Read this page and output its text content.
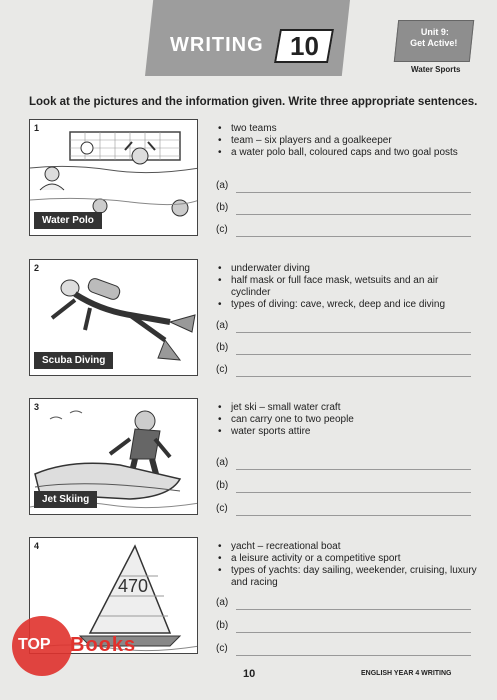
WRITING 10	Unit 9:
Get Active!
Water Sports
Look at the pictures and the information given. Write three appropriate sentences.
1
Water Polo
• two teams
• team – six players and a goalkeeper
• a water polo ball, coloured caps and two goal posts
(a)
(b)
(c)
2
Scuba Diving
• underwater diving
• half mask or full face mask, wetsuits and an air cyclinder
• types of diving: cave, wreck, deep and ice diving
(a)
(b)
(c)
3
Jet Skiing
• jet ski – small water craft
• can carry one to two people
• water sports attire
(a)
(b)
(c)
470
4
•	yacht – recreational boat
• a leisure activity or a competitive sport
• types of yachts: day sailing, weekender, cruising, luxury and racing
(a)
(b)
(c)
TOP Books
10	ENGLISH YEAR 4 WRITING
